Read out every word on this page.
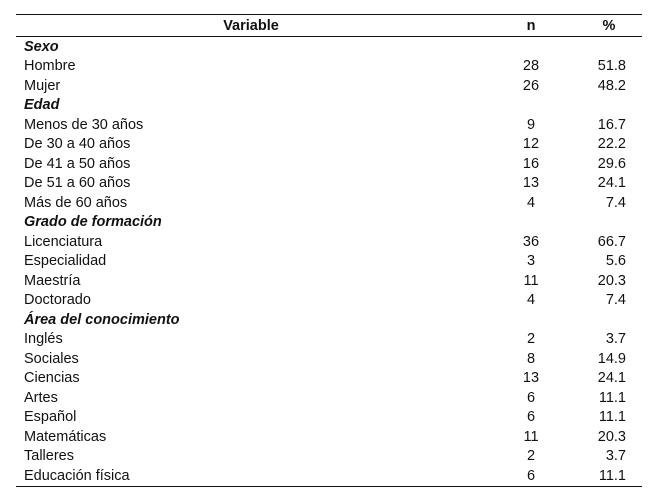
Variable	n	%
Sexo		
Hombre	28	51.8
Mujer	26	48.2
Edad		
Menos de 30 años	9	16.7
De 30 a 40 años	12	22.2
De 41 a 50 años	16	29.6
De 51 a 60 años	13	24.1
Más de 60 años	4	7.4
Grado de formación		
Licenciatura	36	66.7
Especialidad	3	5.6
Maestría	11	20.3
Doctorado	4	7.4
Área del conocimiento		
Inglés	2	3.7
Sociales	8	14.9
Ciencias	13	24.1
Artes	6	11.1
Español	6	11.1
Matemáticas	11	20.3
Talleres	2	3.7
Educación física	6	11.1
